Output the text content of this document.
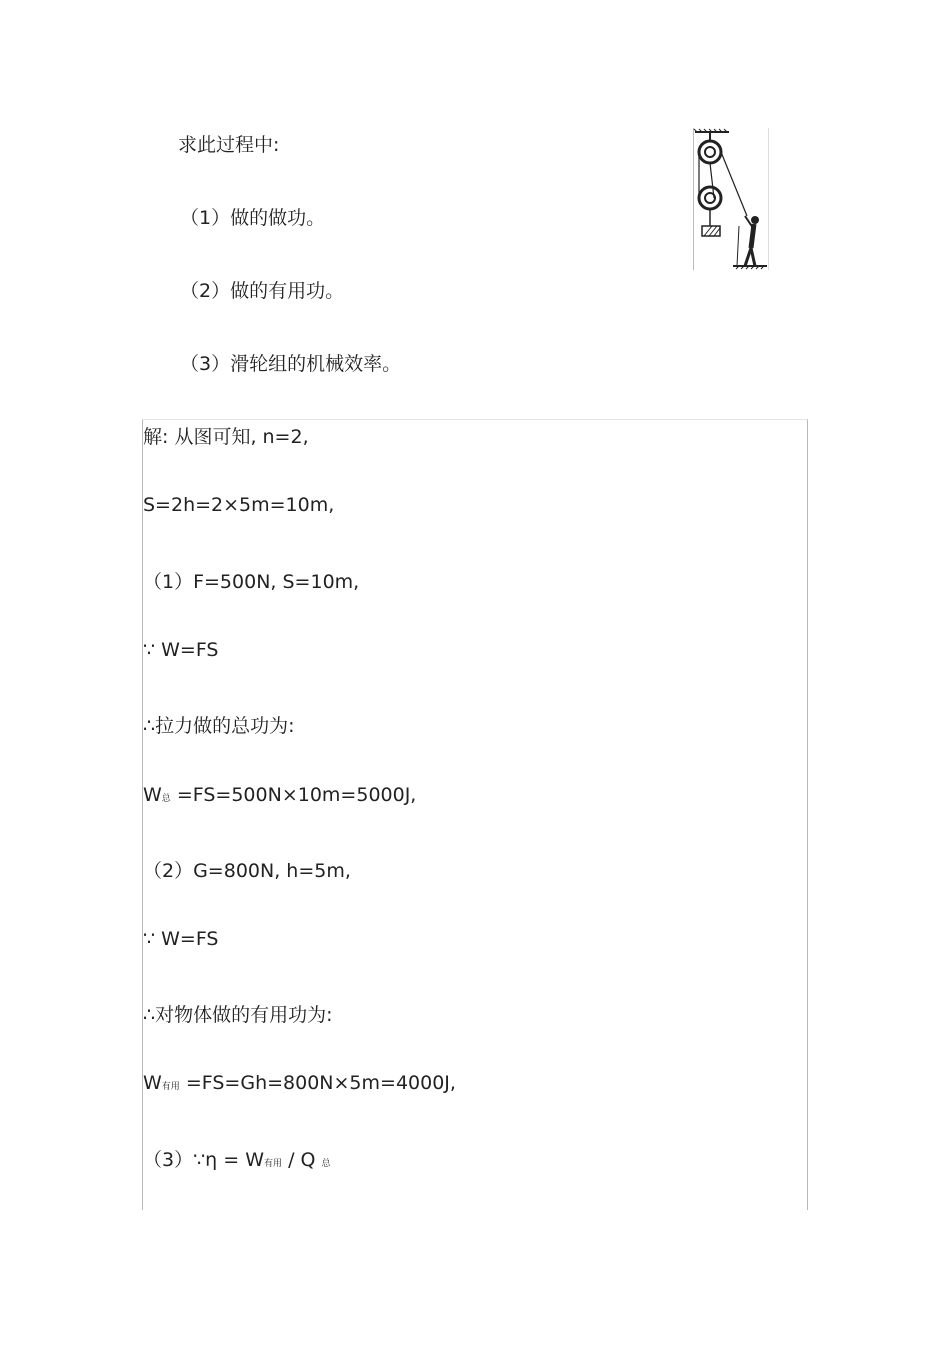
求此过程中:
（1）做的做功。
（2）做的有用功。
（3）滑轮组的机械效率。
解: 从图可知, n=2,
S=2h=2×5m=10m,
（1）F=500N, S=10m,
∵ W=FS
∴拉力做的总功为:
W总 =FS=500N×10m=5000J,
（2）G=800N, h=5m,
∵ W=FS
∴对物体做的有用功为:
W有用 =FS=Gh=800N×5m=4000J,
（3）∵η = W有用 / Q 总
